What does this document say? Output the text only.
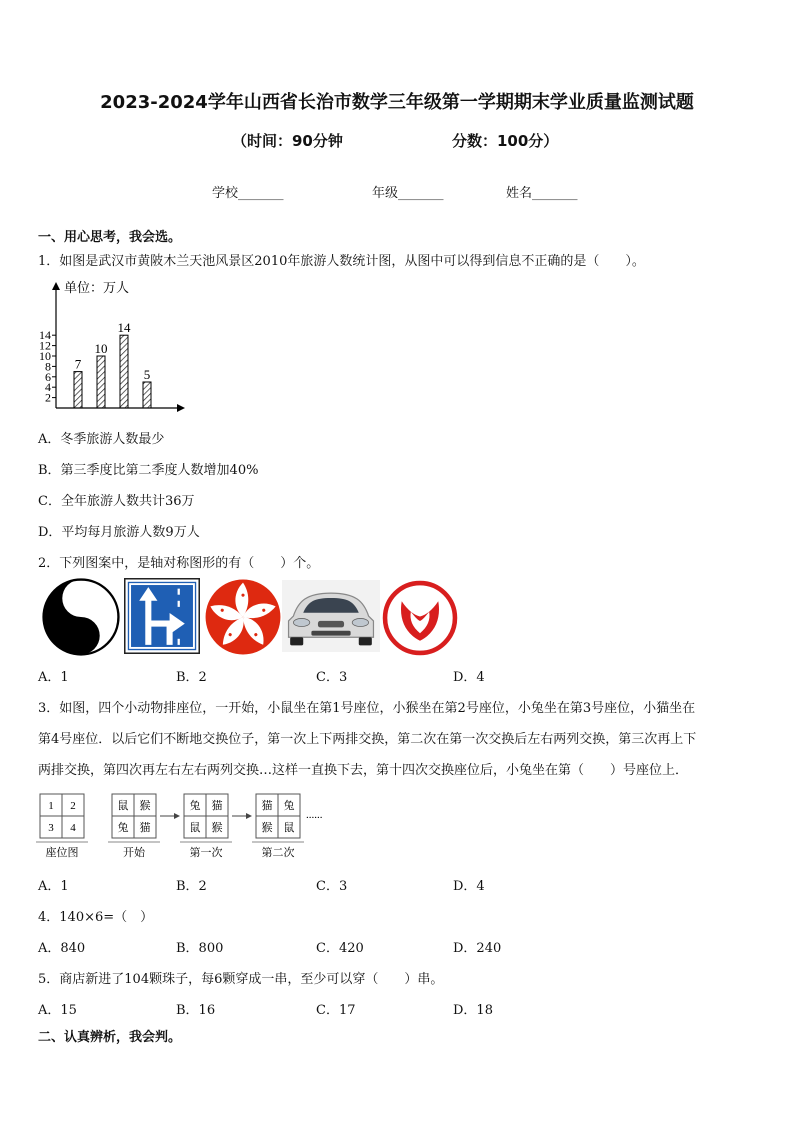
2023-2024学年山西省长治市数学三年级第一学期期末学业质量监测试题
（时间：90分钟	分数：100分）
学校_______	年级_______	姓名_______
一、用心思考，我会选。
1．如图是武汉市黄陂木兰天池风景区2010年旅游人数统计图，从图中可以得到信息不正确的是（　　）。
单位：万人
2
4
6
8
10
12
14
7
10
14
5
A．冬季旅游人数最少
B．第三季度比第二季度人数增加40%
C．全年旅游人数共计36万
D．平均每月旅游人数9万人
2．下列图案中，是轴对称图形的有（　　）个。
A．1	B．2	C．3	D．4
3．如图，四个小动物排座位，一开始，小鼠坐在第1号座位，小猴坐在第2号座位，小兔坐在第3号座位，小猫坐在
第4号座位．以后它们不断地交换位子，第一次上下两排交换，第二次在第一次交换后左右两列交换，第三次再上下
两排交换，第四次再左右左右两列交换…这样一直换下去，第十四次交换座位后，小兔坐在第（　　）号座位上．
1 2
3 4
座位图
鼠 猴
兔 猫
开始
兔 猫
鼠 猴
第一次
猫 兔
猴 鼠
第二次
......
A．1	B．2	C．3	D．4
4．140×6=（　）
A．840	B．800	C．420	D．240
5．商店新进了104颗珠子，每6颗穿成一串，至少可以穿（　　）串。
A．15	B．16	C．17	D．18
二、认真辨析，我会判。
